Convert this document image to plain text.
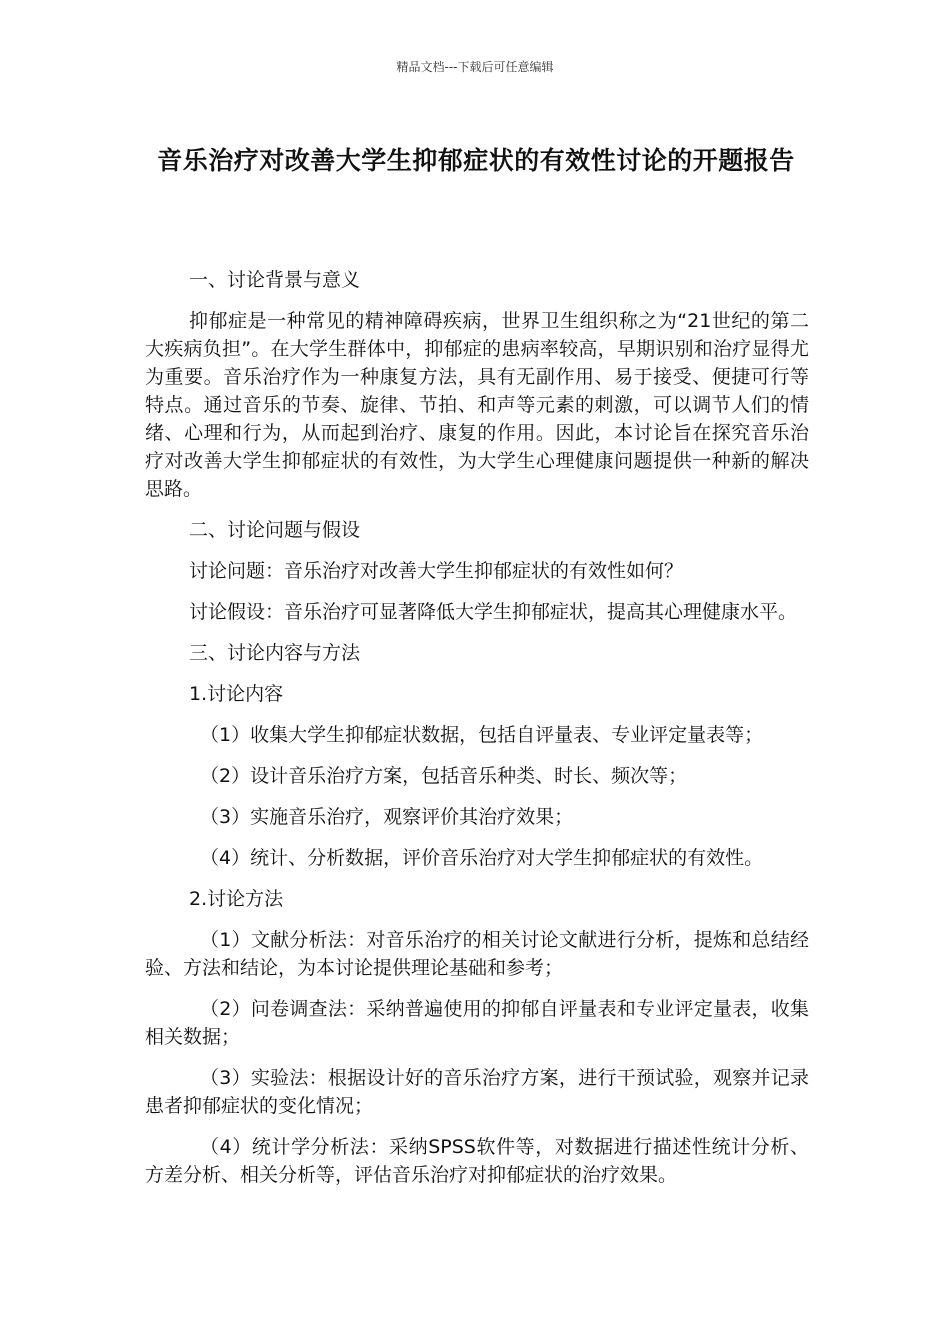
精品文档---下载后可任意编辑
音乐治疗对改善大学生抑郁症状的有效性讨论的开题报告

一、讨论背景与意义

抑郁症是一种常见的精神障碍疾病，世界卫生组织称之为“21世纪的第二大疾病负担”。在大学生群体中，抑郁症的患病率较高，早期识别和治疗显得尤为重要。音乐治疗作为一种康复方法，具有无副作用、易于接受、便捷可行等特点。通过音乐的节奏、旋律、节拍、和声等元素的刺激，可以调节人们的情绪、心理和行为，从而起到治疗、康复的作用。因此，本讨论旨在探究音乐治疗对改善大学生抑郁症状的有效性，为大学生心理健康问题提供一种新的解决思路。

二、讨论问题与假设

讨论问题：音乐治疗对改善大学生抑郁症状的有效性如何？

讨论假设：音乐治疗可显著降低大学生抑郁症状，提高其心理健康水平。

三、讨论内容与方法

1.讨论内容

（1）收集大学生抑郁症状数据，包括自评量表、专业评定量表等；

（2）设计音乐治疗方案，包括音乐种类、时长、频次等；

（3）实施音乐治疗，观察评价其治疗效果；

（4）统计、分析数据，评价音乐治疗对大学生抑郁症状的有效性。

2.讨论方法

（1）文献分析法：对音乐治疗的相关讨论文献进行分析，提炼和总结经验、方法和结论，为本讨论提供理论基础和参考；

（2）问卷调查法：采纳普遍使用的抑郁自评量表和专业评定量表，收集相关数据；

（3）实验法：根据设计好的音乐治疗方案，进行干预试验，观察并记录患者抑郁症状的变化情况；

（4）统计学分析法：采纳SPSS软件等，对数据进行描述性统计分析、方差分析、相关分析等，评估音乐治疗对抑郁症状的治疗效果。
